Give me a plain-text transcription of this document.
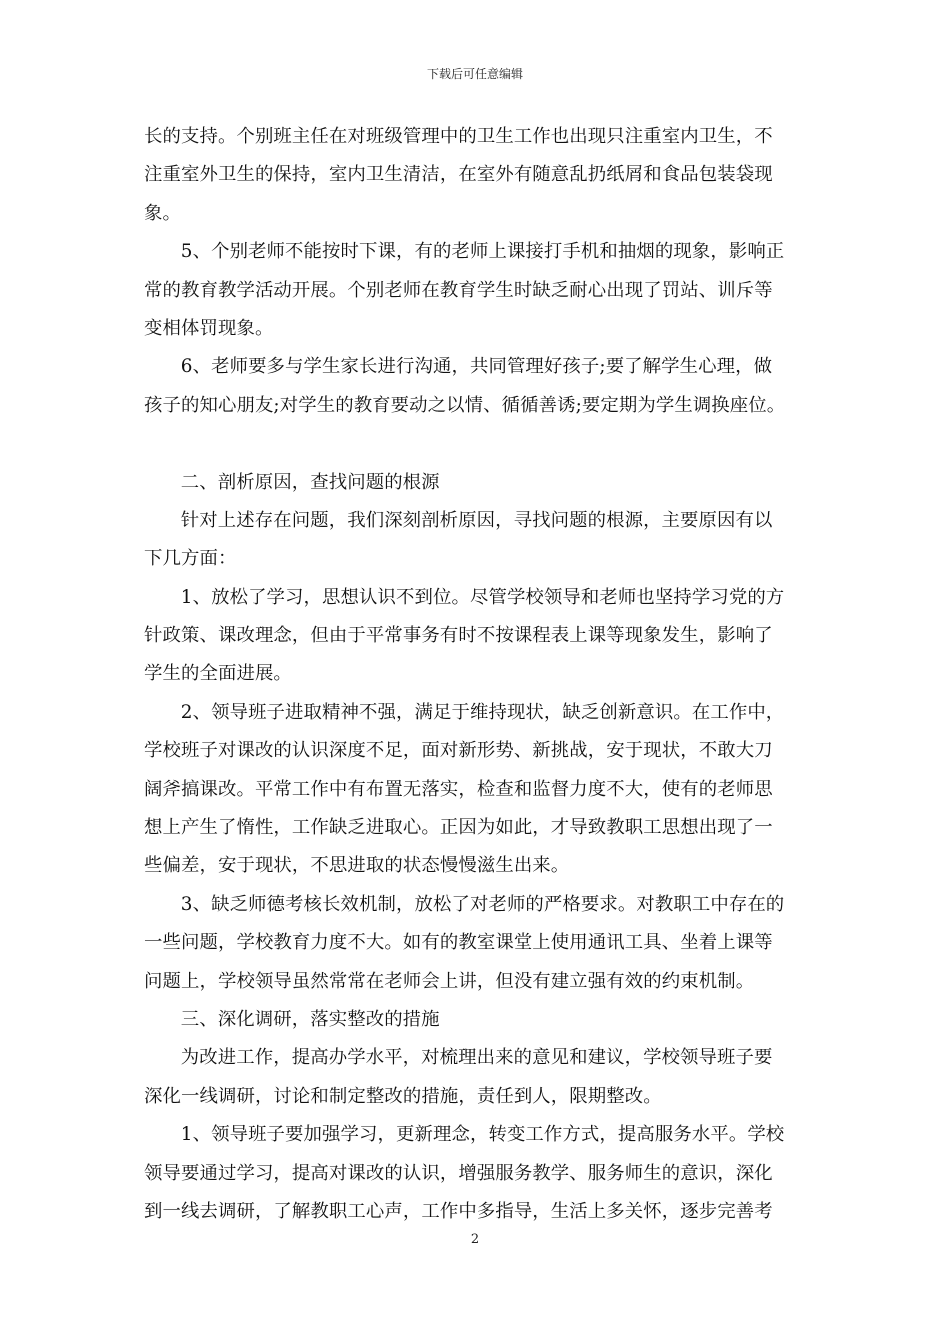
下载后可任意编辑
长的支持。个别班主任在对班级管理中的卫生工作也出现只注重室内卫生，不
注重室外卫生的保持，室内卫生清洁，在室外有随意乱扔纸屑和食品包装袋现
象。
5、个别老师不能按时下课，有的老师上课接打手机和抽烟的现象，影响正
常的教育教学活动开展。个别老师在教育学生时缺乏耐心出现了罚站、训斥等
变相体罚现象。
6、老师要多与学生家长进行沟通，共同管理好孩子;要了解学生心理，做
孩子的知心朋友;对学生的教育要动之以情、循循善诱;要定期为学生调换座位。
二、剖析原因，查找问题的根源
针对上述存在问题，我们深刻剖析原因，寻找问题的根源，主要原因有以
下几方面：
1、放松了学习，思想认识不到位。尽管学校领导和老师也坚持学习党的方
针政策、课改理念，但由于平常事务有时不按课程表上课等现象发生，影响了
学生的全面进展。
2、领导班子进取精神不强，满足于维持现状，缺乏创新意识。在工作中，
学校班子对课改的认识深度不足，面对新形势、新挑战，安于现状，不敢大刀
阔斧搞课改。平常工作中有布置无落实，检查和监督力度不大，使有的老师思
想上产生了惰性，工作缺乏进取心。正因为如此，才导致教职工思想出现了一
些偏差，安于现状，不思进取的状态慢慢滋生出来。
3、缺乏师德考核长效机制，放松了对老师的严格要求。对教职工中存在的
一些问题，学校教育力度不大。如有的教室课堂上使用通讯工具、坐着上课等
问题上，学校领导虽然常常在老师会上讲，但没有建立强有效的约束机制。
三、深化调研，落实整改的措施
为改进工作，提高办学水平，对梳理出来的意见和建议，学校领导班子要
深化一线调研，讨论和制定整改的措施，责任到人，限期整改。
1、领导班子要加强学习，更新理念，转变工作方式，提高服务水平。学校
领导要通过学习，提高对课改的认识，增强服务教学、服务师生的意识，深化
到一线去调研，了解教职工心声，工作中多指导，生活上多关怀，逐步完善考
2
